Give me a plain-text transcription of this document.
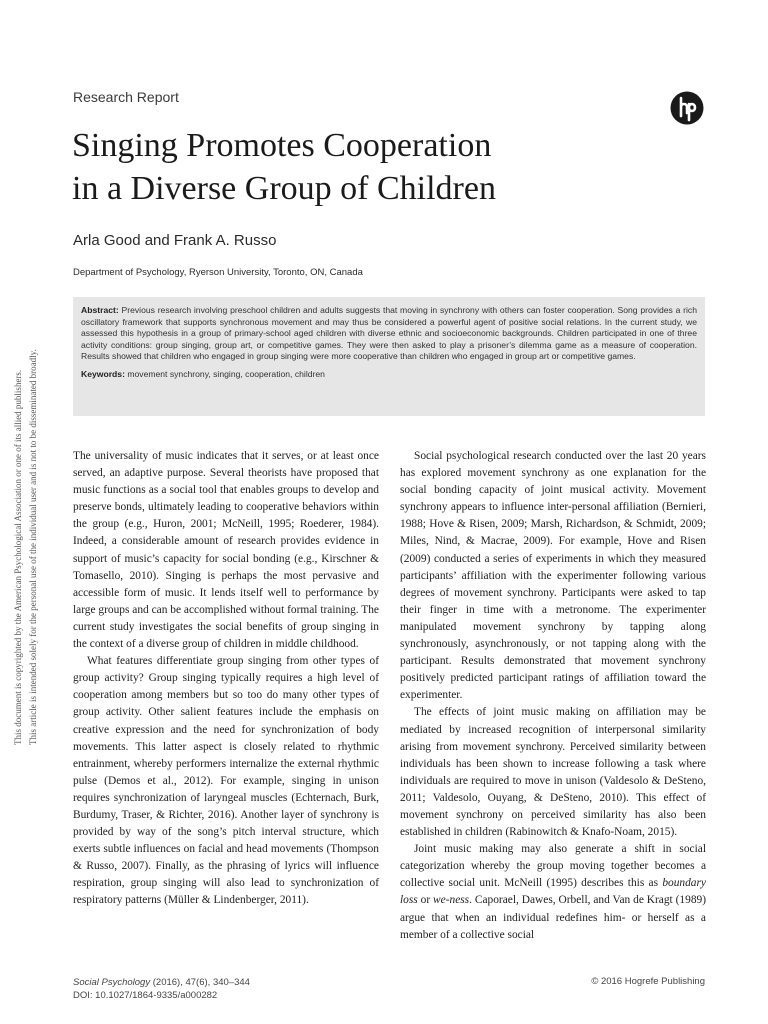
Research Report
Singing Promotes Cooperation
in a Diverse Group of Children
Arla Good and Frank A. Russo
Department of Psychology, Ryerson University, Toronto, ON, Canada

Abstract: Previous research involving preschool children and adults suggests that moving in synchrony with others can foster cooperation. Song provides a rich oscillatory framework that supports synchronous movement and may thus be considered a powerful agent of positive social relations. In the current study, we assessed this hypothesis in a group of primary-school aged children with diverse ethnic and socioeconomic backgrounds. Children participated in one of three activity conditions: group singing, group art, or competitive games. They were then asked to play a prisoner’s dilemma game as a measure of cooperation. Results showed that children who engaged in group singing were more cooperative than children who engaged in group art or competitive games.

Keywords: movement synchrony, singing, cooperation, children
This document is copyrighted by the American Psychological Association or one of its allied publishers. This article is intended solely for the personal use of the individual user and is not to be disseminated broadly.	The universality of music indicates that it serves, or at least once served, an adaptive purpose. Several theorists have proposed that music functions as a social tool that enables groups to develop and preserve bonds, ultimately leading to cooperative behaviors within the group (e.g., Huron, 2001; McNeill, 1995; Roederer, 1984). Indeed, a considerable amount of research provides evidence in support of music’s capacity for social bonding (e.g., Kirschner & Tomasello, 2010). Singing is perhaps the most pervasive and accessible form of music. It lends itself well to performance by large groups and can be accomplished without formal training. The current study investigates the social benefits of group singing in the context of a diverse group of children in middle childhood.

What features differentiate group singing from other types of group activity? Group singing typically requires a high level of cooperation among members but so too do many other types of group activity. Other salient features include the emphasis on creative expression and the need for synchronization of body movements. This latter aspect is closely related to rhythmic entrainment, whereby performers internalize the external rhythmic pulse (Demos et al., 2012). For example, singing in unison requires synchronization of laryngeal muscles (Echternach, Burk, Burdumy, Traser, & Richter, 2016). Another layer of synchrony is provided by way of the song’s pitch interval structure, which exerts subtle influences on facial and head movements (Thompson & Russo, 2007). Finally, as the phrasing of lyrics will influence respiration, group singing will also lead to synchronization of respiratory patterns (Müller & Lindenberger, 2011).

Social psychological research conducted over the last 20 years has explored movement synchrony as one explanation for the social bonding capacity of joint musical activity. Movement synchrony appears to influence inter-personal affiliation (Bernieri, 1988; Hove & Risen, 2009; Marsh, Richardson, & Schmidt, 2009; Miles, Nind, & Macrae, 2009). For example, Hove and Risen (2009) conducted a series of experiments in which they measured participants’ affiliation with the experimenter following various degrees of movement synchrony. Participants were asked to tap their finger in time with a metronome. The experimenter manipulated movement synchrony by tapping along synchronously, asynchronously, or not tapping along with the participant. Results demonstrated that movement synchrony positively predicted participant ratings of affiliation toward the experimenter.

The effects of joint music making on affiliation may be mediated by increased recognition of interpersonal similarity arising from movement synchrony. Perceived similarity between individuals has been shown to increase following a task where individuals are required to move in unison (Valdesolo & DeSteno, 2011; Valdesolo, Ouyang, & DeSteno, 2010). This effect of movement synchrony on perceived similarity has also been established in children (Rabinowitch & Knafo-Noam, 2015).

Joint music making may also generate a shift in social categorization whereby the group moving together becomes a collective social unit. McNeill (1995) describes this as boundary loss or we-ness. Caporael, Dawes, Orbell, and Van de Kragt (1989) argue that when an individual redefines him- or herself as a member of a collective social

Social Psychology (2016), 47(6), 340–344
DOI: 10.1027/1864-9335/a000282
© 2016 Hogrefe Publishing
